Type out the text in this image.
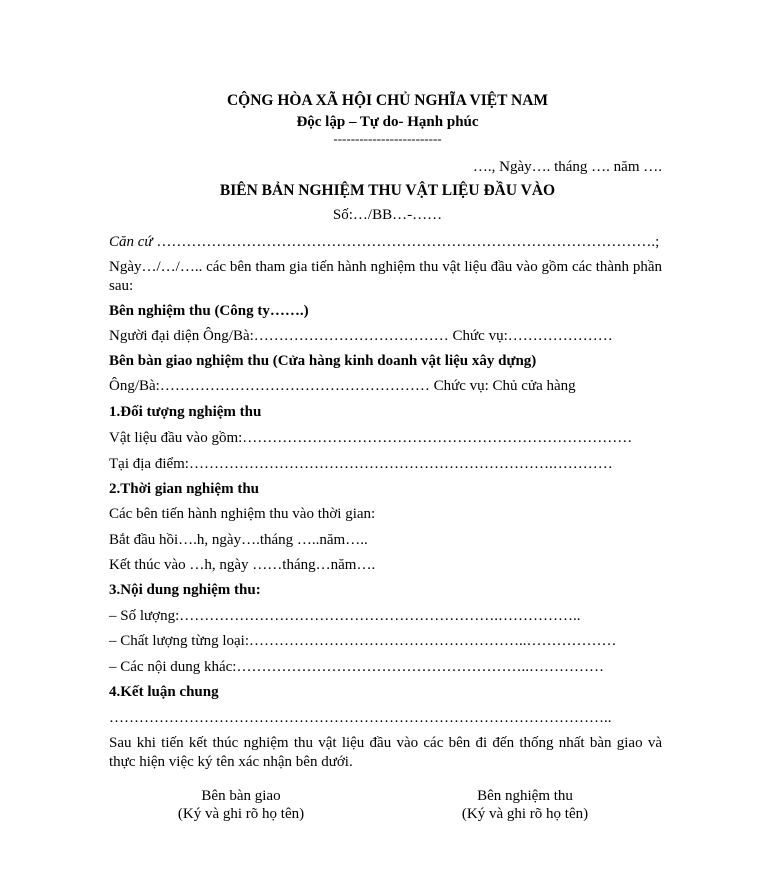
CỘNG HÒA XÃ HỘI CHỦ NGHĨA VIỆT NAM
Độc lập – Tự do- Hạnh phúc
-------------------------
…., Ngày…. tháng …. năm ….
BIÊN BẢN NGHIỆM THU VẬT LIỆU ĐẦU VÀO
Số:…/BB…-……
Căn cứ ……………………………………………………………………………………….;
Ngày…/…/….. các bên tham gia tiến hành nghiệm thu vật liệu đầu vào gồm các thành phần sau:
Bên nghiệm thu (Công ty…….)
Người đại diện Ông/Bà:………………………………… Chức vụ:…………………
Bên bàn giao nghiệm thu (Cửa hàng kinh doanh vật liệu xây dựng)
Ông/Bà:……………………………………………… Chức vụ: Chủ cửa hàng
1.Đối tượng nghiệm thu
Vật liệu đầu vào gồm:……………………………………………………………………
Tại địa điểm:……………………………………………………………….…………
2.Thời gian nghiệm thu
Các bên tiến hành nghiệm thu vào thời gian:
Bắt đầu hồi….h, ngày….tháng …..năm…..
Kết thúc vào …h, ngày ……tháng…năm….
3.Nội dung nghiệm thu:
– Số lượng:……………………………………………………….……………..
– Chất lượng từng loại:………………………………………………..………………
– Các nội dung khác:…………………………………………………..……………
4.Kết luận chung
………………………………………………………………………………………..
Sau khi tiến kết thúc nghiệm thu vật liệu đầu vào các bên đi đến thống nhất bàn giao và thực hiện việc ký tên xác nhận bên dưới.
Bên bàn giao
(Ký và ghi rõ họ tên)
Bên nghiệm thu
(Ký và ghi rõ họ tên)
